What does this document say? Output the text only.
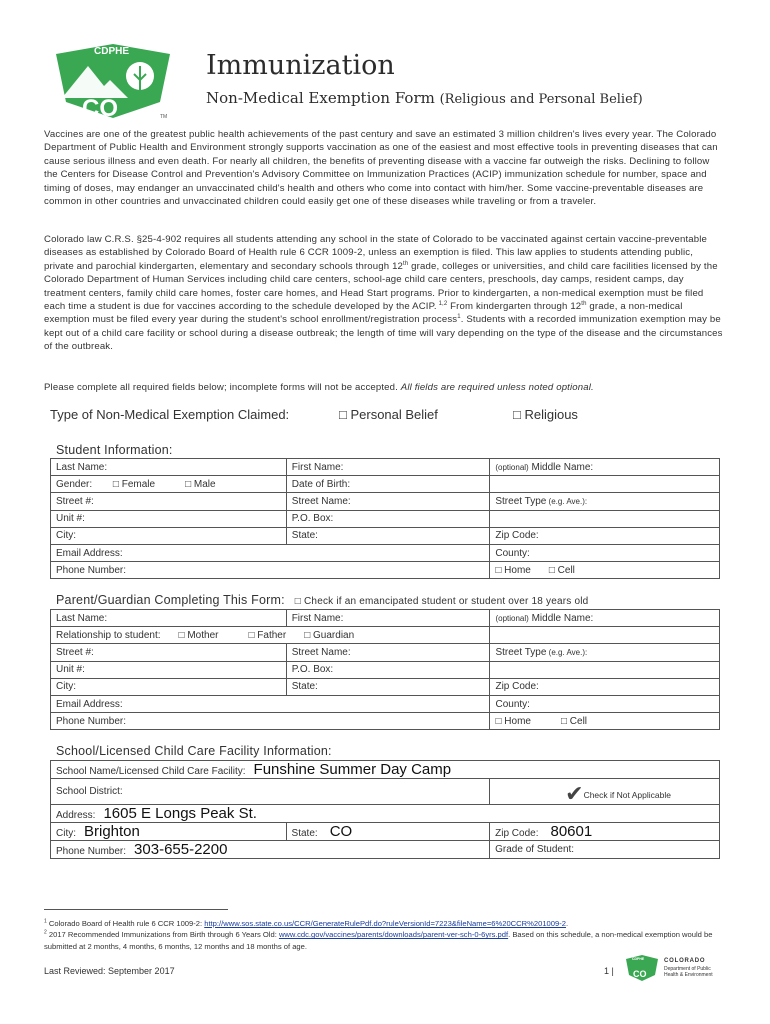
CDPHE
CO	TM
Immunization
Non-Medical Exemption Form (Religious and Personal Belief)
Vaccines are one of the greatest public health achievements of the past century and save an estimated 3 million children's lives every year. The Colorado Department of Public Health and Environment strongly supports vaccination as one of the easiest and most effective tools in preventing diseases that can cause serious illness and even death. For nearly all children, the benefits of preventing disease with a vaccine far outweigh the risks. Declining to follow the Centers for Disease Control and Prevention's Advisory Committee on Immunization Practices (ACIP) immunization schedule for number, space and timing of doses, may endanger an unvaccinated child's health and others who come into contact with him/her. Some vaccine-preventable diseases are common in other countries and unvaccinated children could easily get one of these diseases while traveling or from a traveler.
Colorado law C.R.S. §25-4-902 requires all students attending any school in the state of Colorado to be vaccinated against certain vaccine-preventable diseases as established by Colorado Board of Health rule 6 CCR 1009-2, unless an exemption is filed. This law applies to students attending public, private and parochial kindergarten, elementary and secondary schools through 12th grade, colleges or universities, and child care facilities licensed by the Colorado Department of Human Services including child care centers, school-age child care centers, preschools, day camps, resident camps, day treatment centers, family child care homes, foster care homes, and Head Start programs. Prior to kindergarten, a non-medical exemption must be filed each time a student is due for vaccines according to the schedule developed by the ACIP. $^{1,2}$ From kindergarten through 12th grade, a non-medical exemption must be filed every year during the student's school enrollment/registration process$^1$. Students with a recorded immunization exemption may be kept out of a child care facility or school during a disease outbreak; the length of time will vary depending on the type of the disease and the circumstances of the outbreak.
Please complete all required fields below; incomplete forms will not be accepted. All fields are required unless noted optional.
Type of Non-Medical Exemption Claimed:	□ Personal Belief	□ Religious
Student Information:
Last Name:	First Name:	(optional) Middle Name:
Gender: □ Female □ Male	Date of Birth:	
Street #:	Street Name:	Street Type (e.g. Ave.):
Unit #:	P.O. Box:	
City:	State:	Zip Code:
Email Address:		County:
Phone Number:		□ Home □ Cell
Parent/Guardian Completing This Form: □ Check if an emancipated student or student over 18 years old
Last Name:	First Name:	(optional) Middle Name:
Relationship to student: □ Mother □ Father □ Guardian		
Street #:	Street Name:	Street Type (e.g. Ave.):
Unit #:	P.O. Box:	
City:	State:	Zip Code:
Email Address:		County:
Phone Number:		□ Home □ Cell
School/Licensed Child Care Facility Information:
School Name/Licensed Child Care Facility: Funshine Summer Day Camp		
School District:		✔Check if Not Applicable
Address: 1605 E Longs Peak St.		
City: Brighton	State: CO	Zip Code: 80601
Phone Number: 303-655-2200		Grade of Student:
$^1$ Colorado Board of Health rule 6 CCR 1009-2: http://www.sos.state.co.us/CCR/GenerateRulePdf.do?ruleVersionId=7223&fileName=6%20CCR%201009-2.
$^2$ 2017 Recommended Immunizations from Birth through 6 Years Old: www.cdc.gov/vaccines/parents/downloads/parent-ver-sch-0-6yrs.pdf. Based on this schedule, a non-medical exemption would be submitted at 2 months, 4 months, 6 months, 12 months and 18 months of age.
Last Reviewed: September 2017	1 |
CDPHE
CO
COLORADO
Department of Public
Health & Environment
